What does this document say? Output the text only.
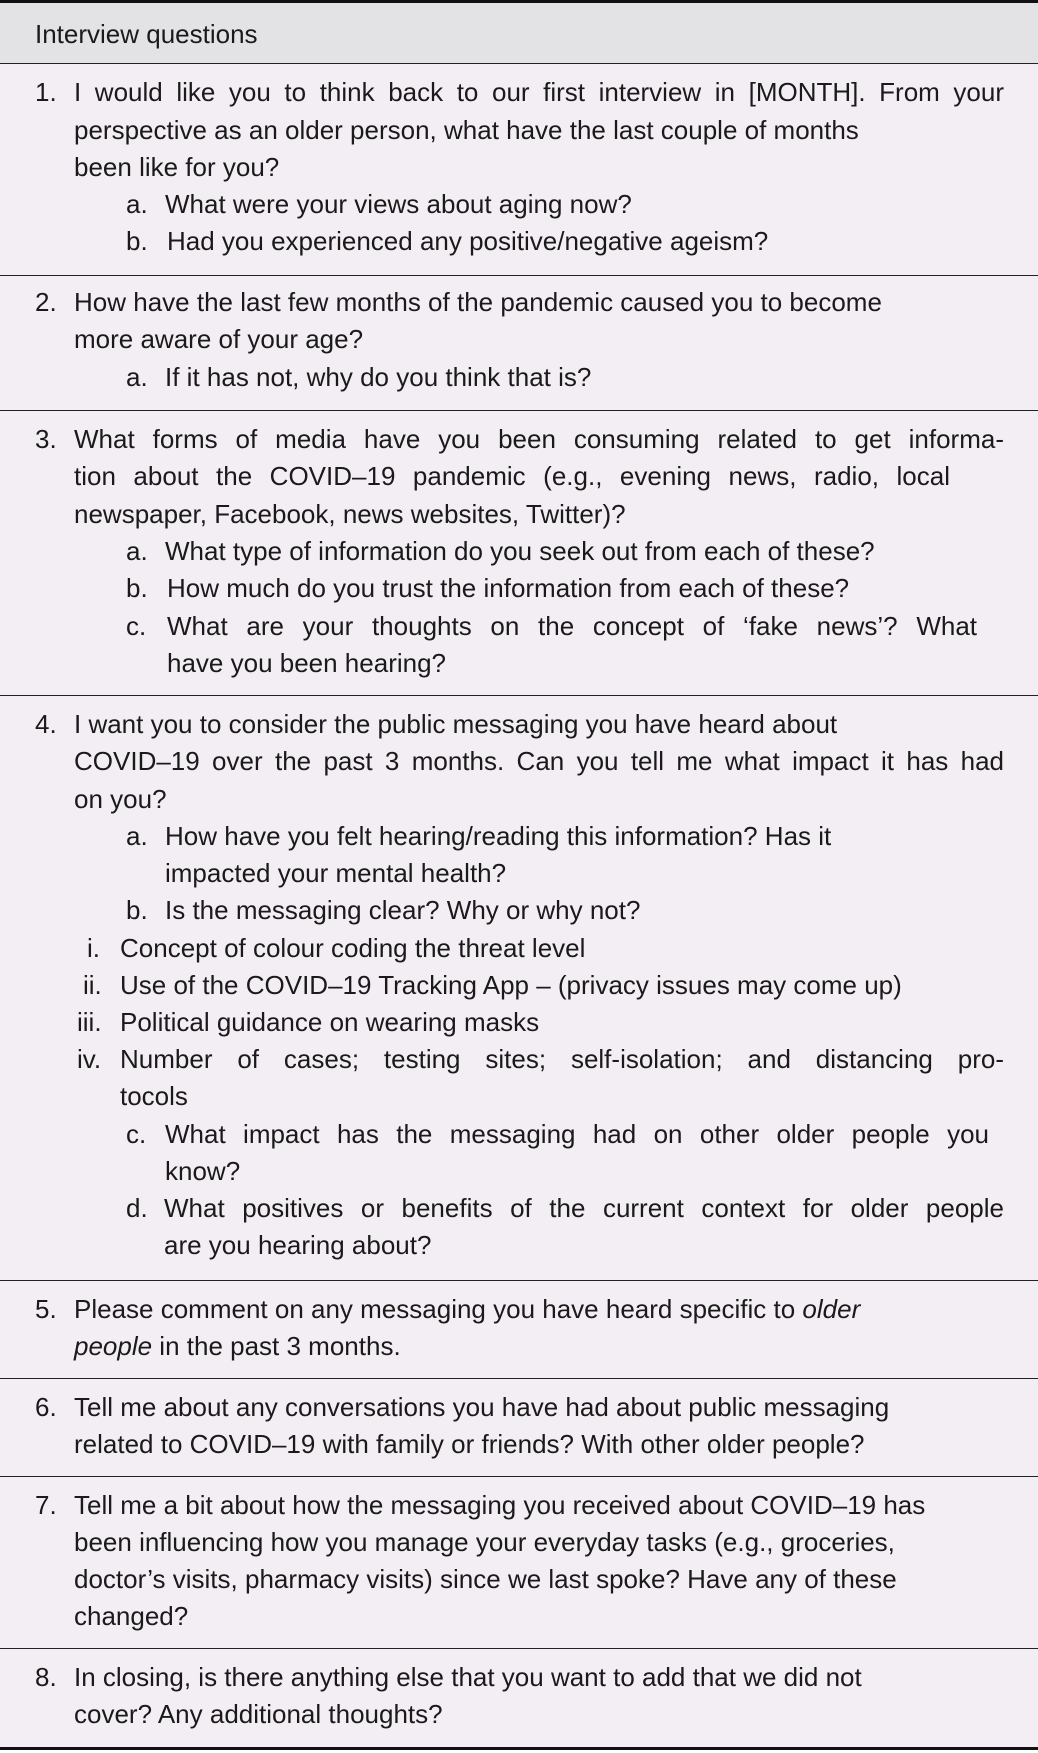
Interview questions
1. I would like you to think back to our first interview in [MONTH]. From your
perspective as an older person, what have the last couple of months
been like for you?
a. What were your views about aging now?
b. Had you experienced any positive/negative ageism?
2. How have the last few months of the pandemic caused you to become
more aware of your age?
a. If it has not, why do you think that is?
3. What forms of media have you been consuming related to get informa-
tion about the COVID–19 pandemic (e.g., evening news, radio, local
newspaper, Facebook, news websites, Twitter)?
a. What type of information do you seek out from each of these?
b. How much do you trust the information from each of these?
c. What are your thoughts on the concept of ‘fake news’? What
have you been hearing?
4. I want you to consider the public messaging you have heard about
COVID–19 over the past 3 months. Can you tell me what impact it has had
on you?
a. How have you felt hearing/reading this information? Has it
impacted your mental health?
b. Is the messaging clear? Why or why not?
i. Concept of colour coding the threat level
ii. Use of the COVID–19 Tracking App – (privacy issues may come up)
iii. Political guidance on wearing masks
iv. Number of cases; testing sites; self-isolation; and distancing pro-
tocols
c. What impact has the messaging had on other older people you
know?
d. What positives or benefits of the current context for older people
are you hearing about?
5. Please comment on any messaging you have heard specific to older
people in the past 3 months.
6. Tell me about any conversations you have had about public messaging
related to COVID–19 with family or friends? With other older people?
7. Tell me a bit about how the messaging you received about COVID–19 has
been influencing how you manage your everyday tasks (e.g., groceries,
doctor’s visits, pharmacy visits) since we last spoke? Have any of these
changed?
8. In closing, is there anything else that you want to add that we did not
cover? Any additional thoughts?
